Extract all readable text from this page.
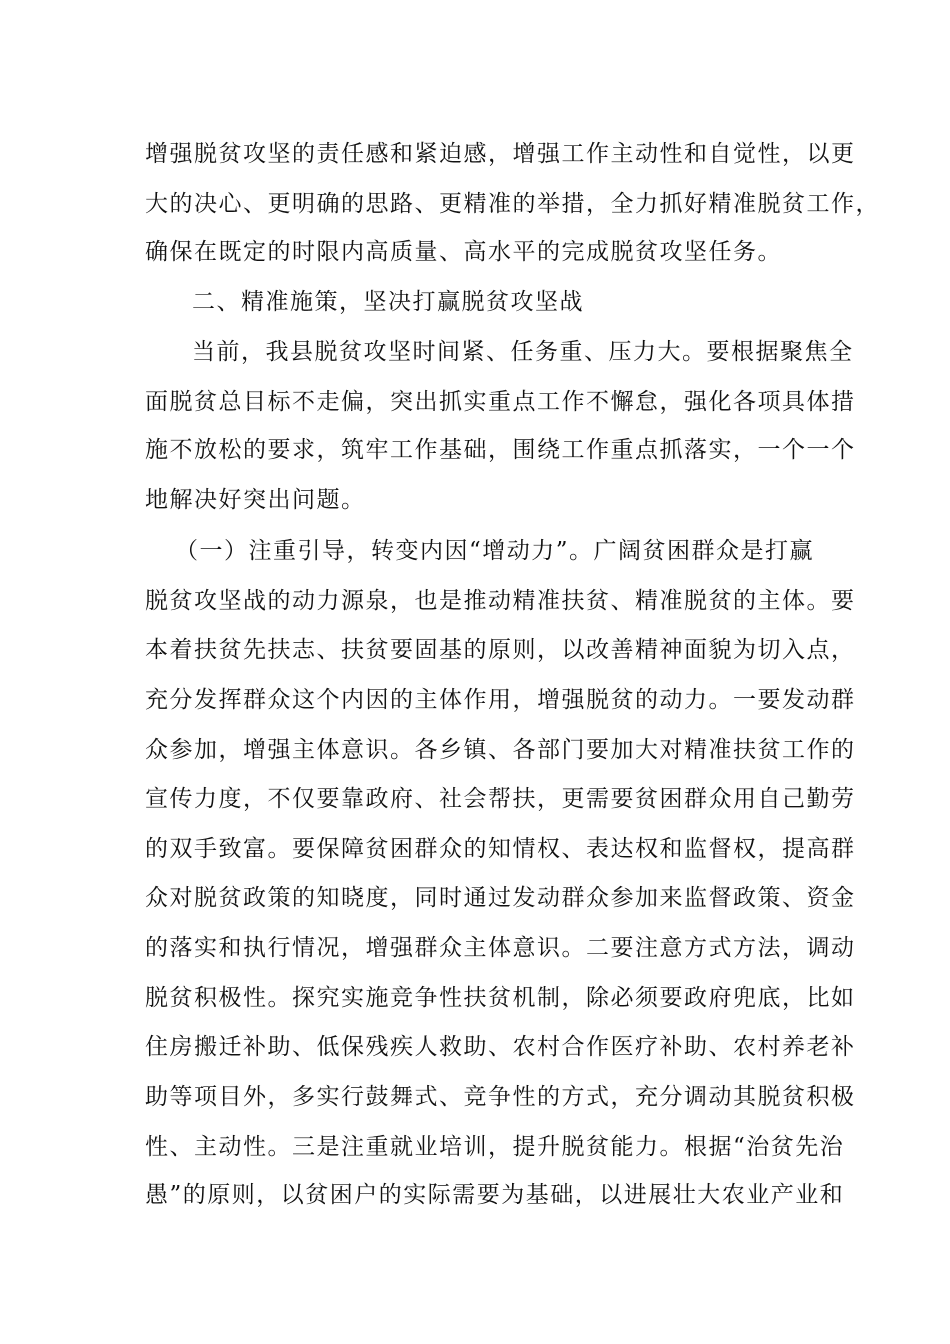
增强脱贫攻坚的责任感和紧迫感，增强工作主动性和自觉性，以更
大的决心、更明确的思路、更精准的举措，全力抓好精准脱贫工作，
确保在既定的时限内高质量、高水平的完成脱贫攻坚任务。
二、精准施策，坚决打赢脱贫攻坚战
当前，我县脱贫攻坚时间紧、任务重、压力大。要根据聚焦全
面脱贫总目标不走偏，突出抓实重点工作不懈怠，强化各项具体措
施不放松的要求，筑牢工作基础，围绕工作重点抓落实，一个一个
地解决好突出问题。
（一）注重引导，转变内因“增动力”。广阔贫困群众是打赢
脱贫攻坚战的动力源泉，也是推动精准扶贫、精准脱贫的主体。要
本着扶贫先扶志、扶贫要固基的原则，以改善精神面貌为切入点，
充分发挥群众这个内因的主体作用，增强脱贫的动力。一要发动群
众参加，增强主体意识。各乡镇、各部门要加大对精准扶贫工作的
宣传力度，不仅要靠政府、社会帮扶，更需要贫困群众用自己勤劳
的双手致富。要保障贫困群众的知情权、表达权和监督权，提高群
众对脱贫政策的知晓度，同时通过发动群众参加来监督政策、资金
的落实和执行情况，增强群众主体意识。二要注意方式方法，调动
脱贫积极性。探究实施竞争性扶贫机制，除必须要政府兜底，比如
住房搬迁补助、低保残疾人救助、农村合作医疗补助、农村养老补
助等项目外，多实行鼓舞式、竞争性的方式，充分调动其脱贫积极
性、主动性。三是注重就业培训，提升脱贫能力。根据“治贫先治
愚”的原则，以贫困户的实际需要为基础，以进展壮大农业产业和
